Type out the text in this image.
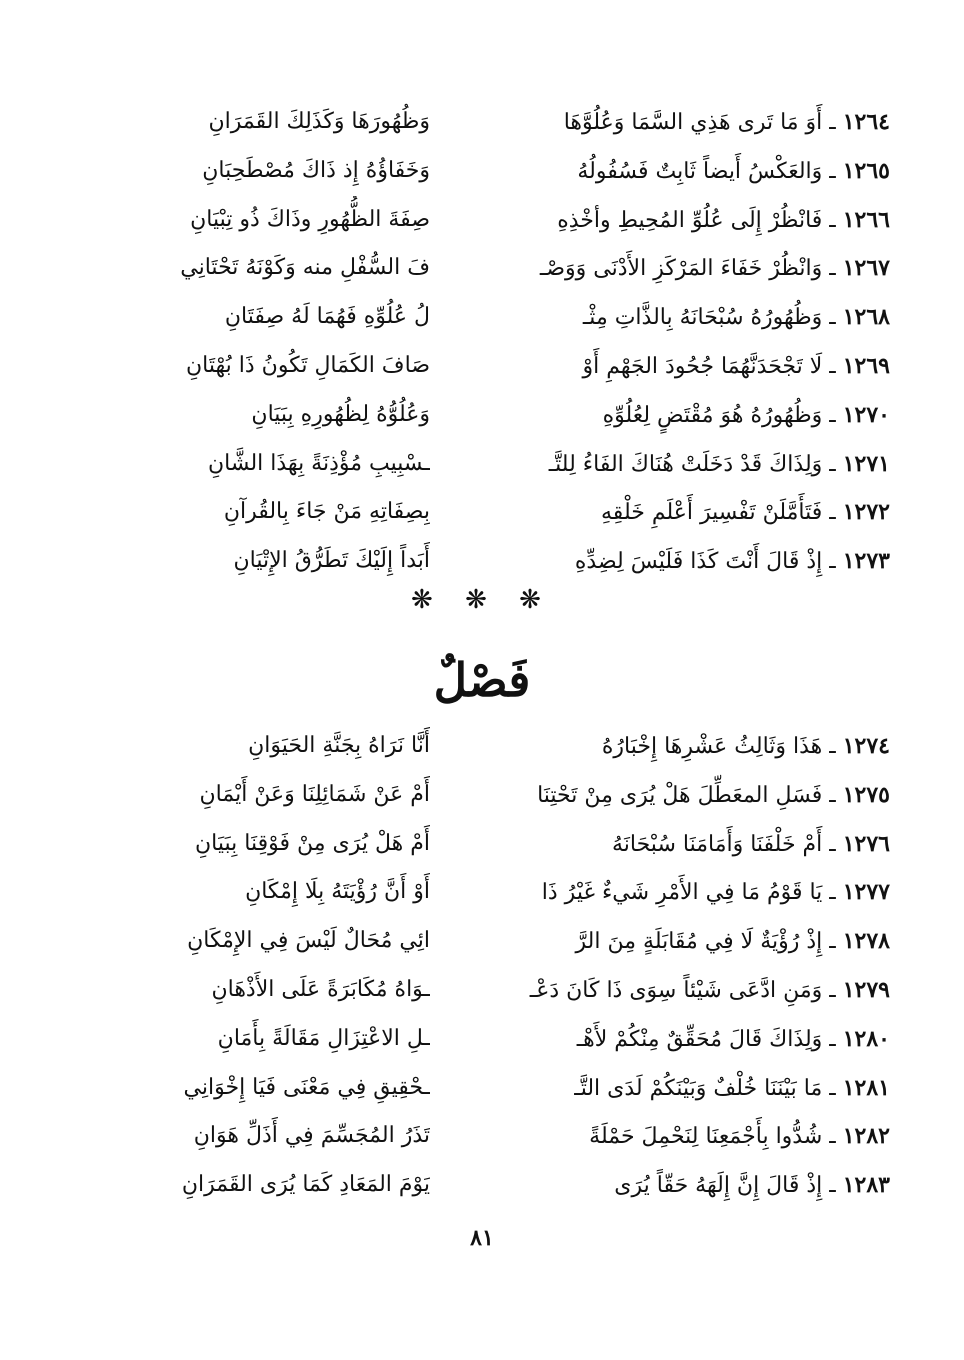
١٢٦٤ ـ أَوَ مَا تَرى هَذِي السَّمَا وَعُلُوَّهَا
وَظُهُورَهَا وَكَذَلِكَ القَمَرَانِ
١٢٦٥ ـ وَالعَكْسُ أَيضاً ثَابِتٌ فَسُفُولُهُ
وَخَفَاؤُهُ إِذ ذَاكَ مُصْطَحِبَانِ
١٢٦٦ ـ فَانْظُرْ إِلَى عُلُوِّ المُحِيطِ وأخْذِهِ
صِفَةَ الظُّهُورِ وذَاكَ ذُو تِبْيَانِ
١٢٦٧ ـ وَانْظُرْ خَفَاءَ المَرْكَزِ الأَدْنَى وَوَصْـ
فَ السُّفْلِ منه وَكَوْنَهُ تَحْتَانِي
١٢٦٨ ـ وَظُهُورُهُ سُبْحَانَهُ بِالذَّاتِ مِثْـ
لُ عُلُوِّهِ فَهُمَا لَهُ صِفَتَانِ
١٢٦٩ ـ لَا تَجْحَدَنَّهُمَا جُحُودَ الجَهْمِ أَوْ
صَافَ الكَمَالِ تَكُونُ ذَا بُهْتَانِ
١٢٧٠ ـ وَظُهُورُهُ هُوَ مُقْتَضٍ لِعُلُوِّهِ
وَعُلُوُّهُ لِظُهُورِهِ بِبَيَانِ
١٢٧١ ـ وَلِذَاكَ قَدْ دَخَلَتْ هُنَاكَ الفَاءُ لِلتَّـ
ـسْبِيبِ مُؤْذِنَةً بِهَذَا الشَّانِ
١٢٧٢ ـ فَتَأَمَّلَنْ تَفْسِيرَ أَعْلَمِ خَلْقِهِ
بِصِفَاتِهِ مَنْ جَاءَ بِالقُرآنِ
١٢٧٣ ـ إِذْ قَالَ أَنْتَ كَذَا فَلَيْسَ لِضِدِّهِ
أَبَداً إِلَيْكَ تَطَرُّقُ الإِتْيَانِ
❋ ❋ ❋
فَصْلٌ
١٢٧٤ ـ هَذَا وَثَالِثُ عَشْرِهَا إِخْبَارُهُ
أَنَّا نَرَاهُ بِجَنَّةِ الحَيَوَانِ
١٢٧٥ ـ فَسَلِ المعَطِّلَ هَلْ يُرَى مِنْ تَحْتِنَا
أَمْ عَنْ شَمَائِلِنَا وَعَنْ أَيْمَانِ
١٢٧٦ ـ أَمْ خَلْفَنَا وَأَمَامَنَا سُبْحَانَهُ
أَمْ هَلْ يُرَى مِنْ فَوْقِنَا بِبَيَانِ
١٢٧٧ ـ يَا قَوْمُ مَا فِي الأَمْرِ شَيءٌ غَيْرُ ذَا
أَوْ أَنَّ رُؤْيَتَهُ بِلَا إِمْكَانِ
١٢٧٨ ـ إِذْ رُؤْيَةٌ لَا فِي مُقَابَلَةٍ مِنَ الرَّ
ائِي مُحَالٌ لَيْسَ فِي الإِمْكَانِ
١٢٧٩ ـ وَمَنِ ادَّعَى شَيْئاً سِوَى ذَا كَانَ دَعْـ
ـوَاهُ مُكَابَرَةً عَلَى الأَذْهَانِ
١٢٨٠ ـ وَلِذَاكَ قَالَ مُحَقِّقٌ مِنْكُمْ لأَهْـ
ـلِ الاعْتِزَالِ مَقَالَةً بِأَمَانِ
١٢٨١ ـ مَا بَيْنَنَا خُلْفٌ وَبَيْنَكُمْ لَدَى التَّـ
ـحْقِيقِ فِي مَعْنَى فَيَا إِخْوَانِي
١٢٨٢ ـ شُدُّوا بِأَجْمَعِنَا لِنَحْمِلَ حَمْلَةً
تَذَرُ المُجَسِّمَ فِي أَذَلِّ هَوَانِ
١٢٨٣ ـ إِذْ قَالَ إِنَّ إِلَهَهُ حَقّاً يُرَى
يَوْمَ المَعَادِ كَمَا يُرَى القَمَرَانِ
٨١
